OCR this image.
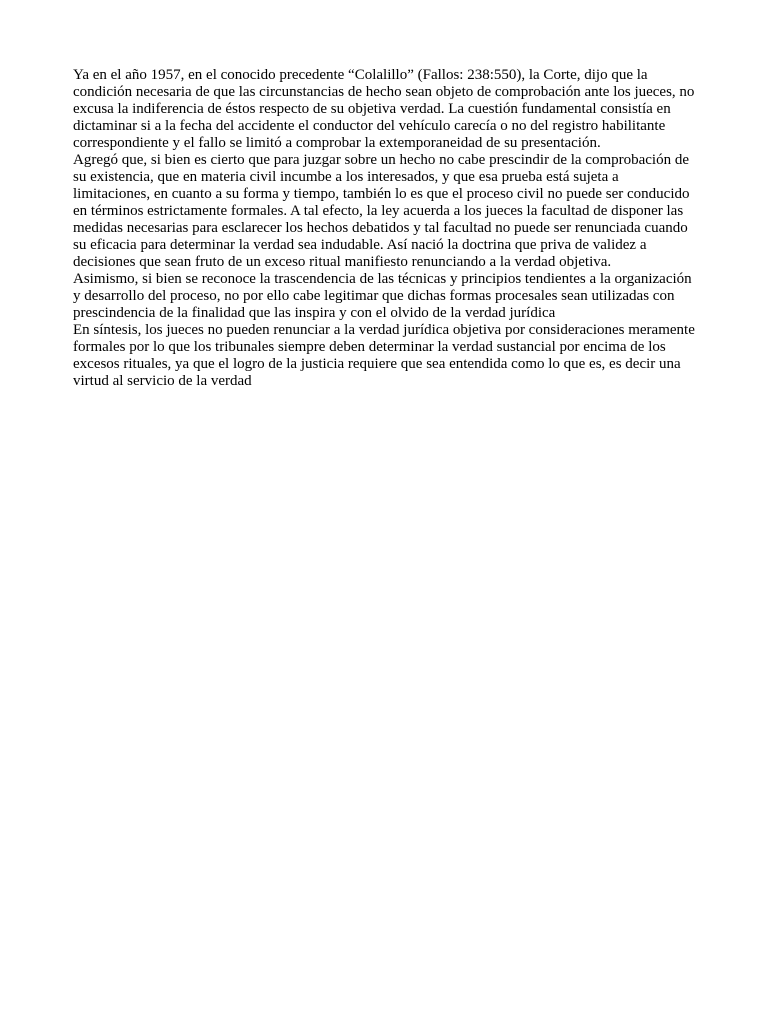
Ya en el año 1957, en el conocido precedente “Colalillo” (Fallos: 238:550), la Corte, dijo que la condición necesaria de que las circunstancias de hecho sean objeto de comprobación ante los jueces, no excusa la indiferencia de éstos respecto de su objetiva verdad. La cuestión fundamental consistía en dictaminar si a la fecha del accidente el conductor del vehículo carecía o no del registro habilitante correspondiente y el fallo se limitó a comprobar la extemporaneidad de su presentación.

Agregó que, si bien es cierto que para juzgar sobre un hecho no cabe prescindir de la comprobación de su existencia, que en materia civil incumbe a los interesados, y que esa prueba está sujeta a limitaciones, en cuanto a su forma y tiempo, también lo es que el proceso civil no puede ser conducido en términos estrictamente formales. A tal efecto, la ley acuerda a los jueces la facultad de disponer las medidas necesarias para esclarecer los hechos debatidos y tal facultad no puede ser renunciada cuando su eficacia para determinar la verdad sea indudable. Así nació la doctrina que priva de validez a decisiones que sean fruto de un exceso ritual manifiesto renunciando a la verdad objetiva.

Asimismo, si bien se reconoce la trascendencia de las técnicas y principios tendientes a la organización y desarrollo del proceso, no por ello cabe legitimar que dichas formas procesales sean utilizadas con prescindencia de la finalidad que las inspira y con el olvido de la verdad jurídica

En síntesis, los jueces no pueden renunciar a la verdad jurídica objetiva por consideraciones meramente formales por lo que los tribunales siempre deben determinar la verdad sustancial por encima de los excesos rituales, ya que el logro de la justicia requiere que sea entendida como lo que es, es decir una virtud al servicio de la verdad
